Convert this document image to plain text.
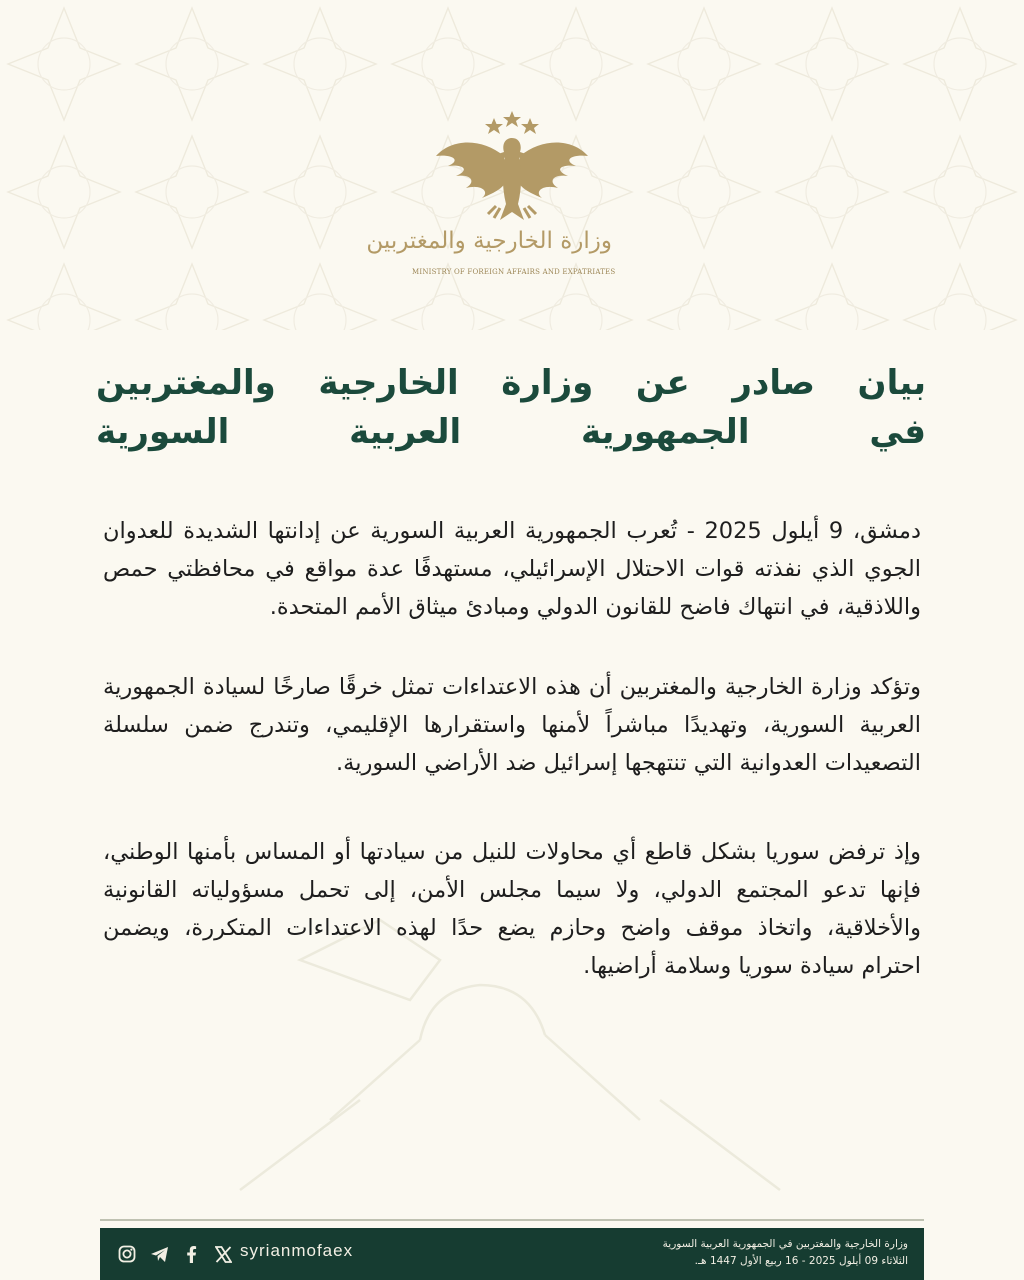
وزارة الخارجية والمغتربين
MINISTRY OF FOREIGN AFFAIRS AND EXPATRIATES
بيان صادر عن وزارة الخارجية والمغتربين
في الجمهورية العربية السورية
دمشق، 9 أيلول 2025 - تُعرب الجمهورية العربية السورية عن إدانتها الشديدة للعدوان
الجوي الذي نفذته قوات الاحتلال الإسرائيلي، مستهدفًا عدة مواقع في محافظتي حمص
واللاذقية، في انتهاك فاضح للقانون الدولي ومبادئ ميثاق الأمم المتحدة.
وتؤكد وزارة الخارجية والمغتربين أن هذه الاعتداءات تمثل خرقًا صارخًا لسيادة الجمهورية
العربية السورية، وتهديدًا مباشراً لأمنها واستقرارها الإقليمي، وتندرج ضمن سلسلة
التصعيدات العدوانية التي تنتهجها إسرائيل ضد الأراضي السورية.
وإذ ترفض سوريا بشكل قاطع أي محاولات للنيل من سيادتها أو المساس بأمنها الوطني،
فإنها تدعو المجتمع الدولي، ولا سيما مجلس الأمن، إلى تحمل مسؤولياته القانونية
والأخلاقية، واتخاذ موقف واضح وحازم يضع حدًا لهذه الاعتداءات المتكررة، ويضمن
احترام سيادة سوريا وسلامة أراضيها.
syrianmofaex	وزارة الخارجية والمغتربين في الجمهورية العربية السورية
الثلاثاء 09 أيلول 2025 - 16 ربيع الأول 1447 هـ.
